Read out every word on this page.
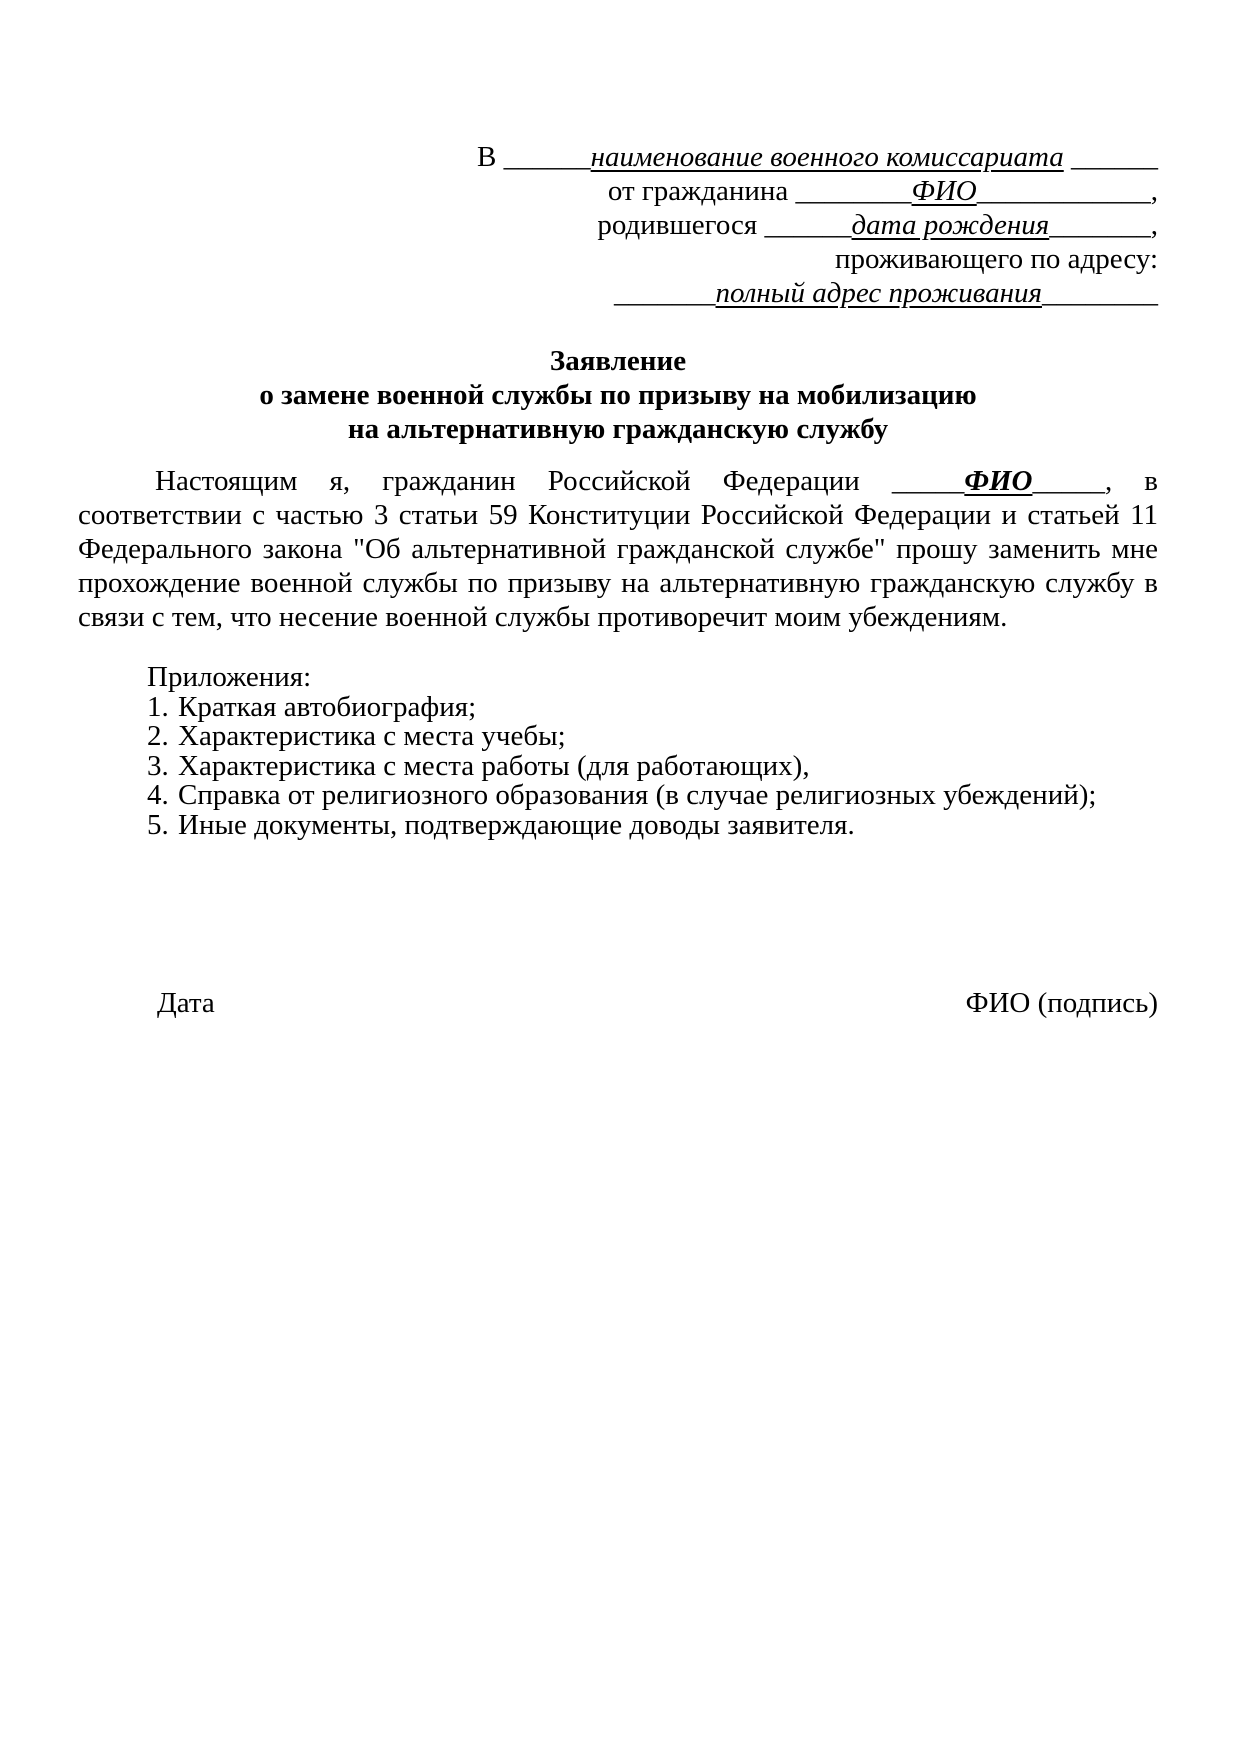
В ______наименование военного комиссариата ______
от гражданина ________ФИО____________,
родившегося ______дата рождения_______,
проживающего по адресу:
_______полный адрес проживания________
Заявление
о замене военной службы по призыву на мобилизацию
на альтернативную гражданскую службу

Настоящим я, гражданин Российской Федерации _____ФИО_____, в соответствии с частью 3 статьи 59 Конституции Российской Федерации и статьей 11 Федерального закона "Об альтернативной гражданской службе" прошу заменить мне прохождение военной службы по призыву на альтернативную гражданскую службу в связи с тем, что несение военной службы противоречит моим убеждениям.

Приложения:
1. Краткая автобиография;
2. Характеристика с места учебы;
3. Характеристика с места работы (для работающих),
4. Справка от религиозного образования (в случае религиозных убеждений);
5. Иные документы, подтверждающие доводы заявителя.
Дата	ФИО (подпись)
